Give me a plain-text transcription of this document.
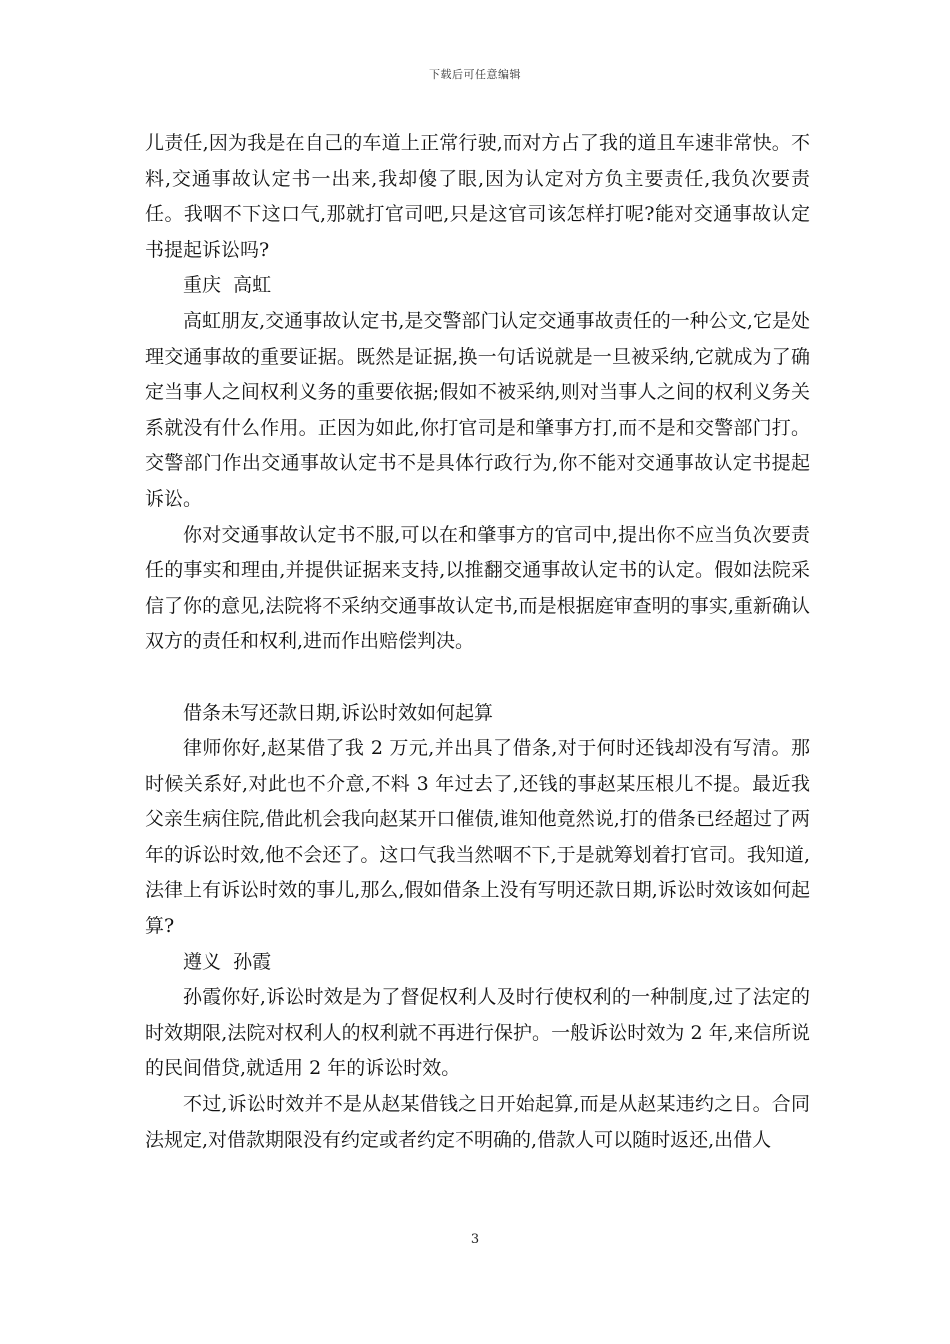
下载后可任意编辑

儿责任,因为我是在自己的车道上正常行驶,而对方占了我的道且车速非常快。不料,交通事故认定书一出来,我却傻了眼,因为认定对方负主要责任,我负次要责任。我咽不下这口气,那就打官司吧,只是这官司该怎样打呢?能对交通事故认定书提起诉讼吗?

重庆  高虹

高虹朋友,交通事故认定书,是交警部门认定交通事故责任的一种公文,它是处理交通事故的重要证据。既然是证据,换一句话说就是一旦被采纳,它就成为了确定当事人之间权利义务的重要依据;假如不被采纳,则对当事人之间的权利义务关系就没有什么作用。正因为如此,你打官司是和肇事方打,而不是和交警部门打。交警部门作出交通事故认定书不是具体行政行为,你不能对交通事故认定书提起诉讼。

你对交通事故认定书不服,可以在和肇事方的官司中,提出你不应当负次要责任的事实和理由,并提供证据来支持,以推翻交通事故认定书的认定。假如法院采信了你的意见,法院将不采纳交通事故认定书,而是根据庭审查明的事实,重新确认双方的责任和权利,进而作出赔偿判决。

借条未写还款日期,诉讼时效如何起算

律师你好,赵某借了我 2 万元,并出具了借条,对于何时还钱却没有写清。那时候关系好,对此也不介意,不料 3 年过去了,还钱的事赵某压根儿不提。最近我父亲生病住院,借此机会我向赵某开口催债,谁知他竟然说,打的借条已经超过了两年的诉讼时效,他不会还了。这口气我当然咽不下,于是就筹划着打官司。我知道,法律上有诉讼时效的事儿,那么,假如借条上没有写明还款日期,诉讼时效该如何起算?

遵义  孙霞

孙霞你好,诉讼时效是为了督促权利人及时行使权利的一种制度,过了法定的时效期限,法院对权利人的权利就不再进行保护。一般诉讼时效为 2 年,来信所说的民间借贷,就适用 2 年的诉讼时效。

不过,诉讼时效并不是从赵某借钱之日开始起算,而是从赵某违约之日。合同法规定,对借款期限没有约定或者约定不明确的,借款人可以随时返还,出借人

3
